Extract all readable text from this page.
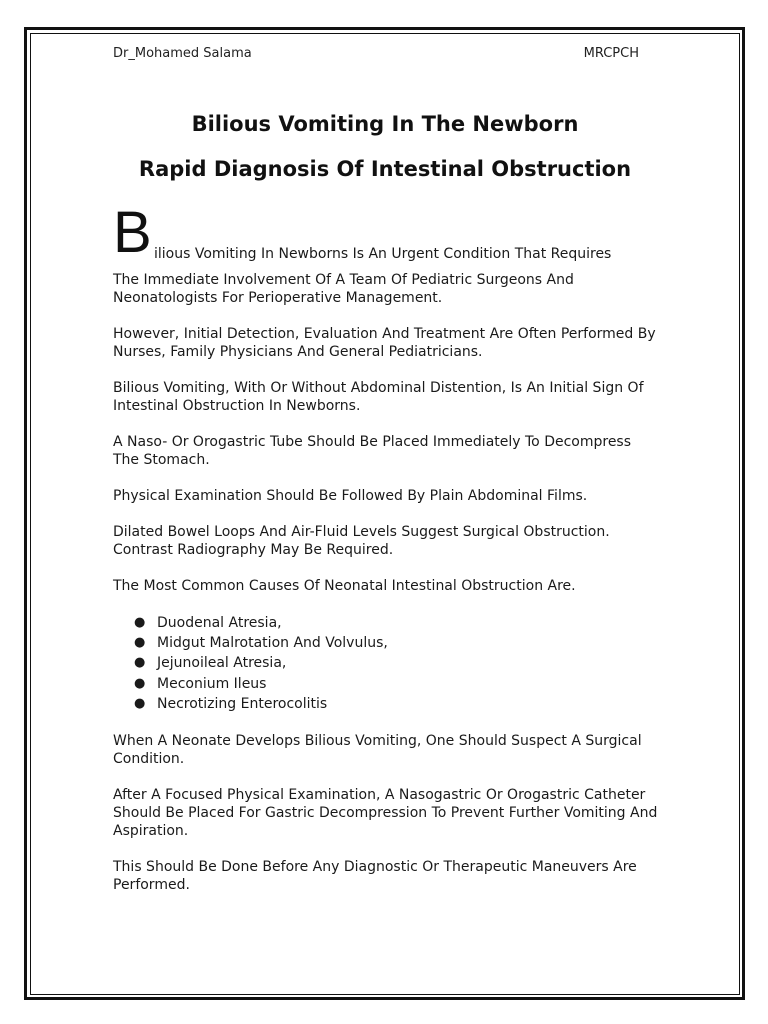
Dr_Mohamed Salama	MRCPCH
Bilious Vomiting In The Newborn
Rapid Diagnosis Of Intestinal Obstruction
B ilious Vomiting In Newborns Is An Urgent Condition That Requires

The Immediate Involvement Of A Team Of Pediatric Surgeons And Neonatologists For Perioperative Management.

However, Initial Detection, Evaluation And Treatment Are Often Performed By Nurses, Family Physicians And General Pediatricians.

Bilious Vomiting, With Or Without Abdominal Distention, Is An Initial Sign Of Intestinal Obstruction In Newborns.

A Naso- Or Orogastric Tube Should Be Placed Immediately To Decompress The Stomach.

Physical Examination Should Be Followed By Plain Abdominal Films.

Dilated Bowel Loops And Air-Fluid Levels Suggest Surgical Obstruction. Contrast Radiography May Be Required.

The Most Common Causes Of Neonatal Intestinal Obstruction Are.

● Duodenal Atresia,
● Midgut Malrotation And Volvulus,
● Jejunoileal Atresia,
● Meconium Ileus
● Necrotizing Enterocolitis

When A Neonate Develops Bilious Vomiting, One Should Suspect A Surgical Condition.

After A Focused Physical Examination, A Nasogastric Or Orogastric Catheter Should Be Placed For Gastric Decompression To Prevent Further Vomiting And Aspiration.

This Should Be Done Before Any Diagnostic Or Therapeutic Maneuvers Are Performed.
